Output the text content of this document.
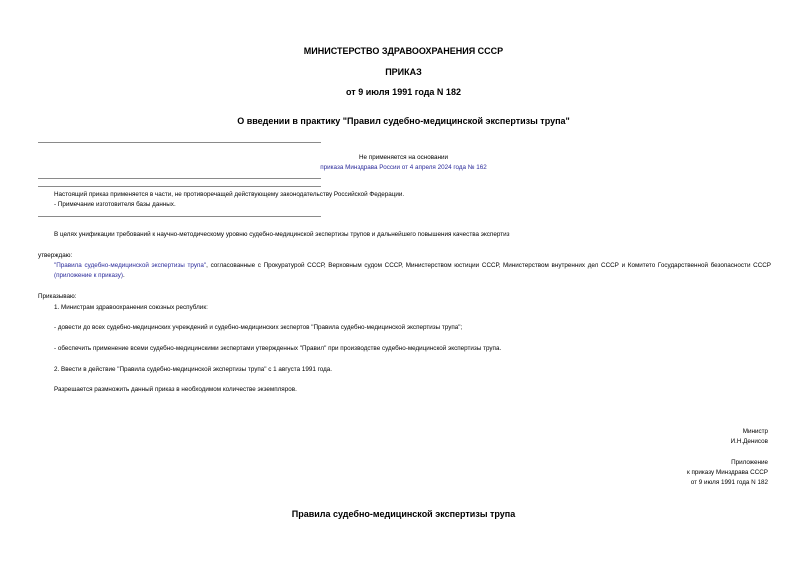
МИНИСТЕРСТВО ЗДРАВООХРАНЕНИЯ СССР
ПРИКАЗ
от 9 июля 1991 года N 182
О введении в практику "Правил судебно-медицинской экспертизы трупа"
Не применяется на основании
приказа Минздрава России от 4 апреля 2024 года № 162
Настоящий приказ применяется в части, не противоречащей действующему законодательству Российской Федерации.
- Примечание изготовителя базы данных.
В целях унификации требований к научно-методическому уровню судебно-медицинской экспертизы трупов и дальнейшего повышения качества экспертиз
утверждаю:
"Правила судебно-медицинской экспертизы трупа", согласованные с Прокуратурой СССР, Верховным судом СССР, Министерством юстиции СССР, Министерством внутренних дел СССР и Комитето Государственной безопасности СССР (приложение к приказу).
Приказываю:
1. Министрам здравоохранения союзных республик:
- довести до всех судебно-медицинских учреждений и судебно-медицинских экспертов "Правила судебно-медицинской экспертизы трупа";
- обеспечить применение всеми судебно-медицинскими экспертами утвержденных "Правил" при производстве судебно-медицинской экспертизы трупа.
2. Ввести в действие "Правила судебно-медицинской экспертизы трупа" с 1 августа 1991 года.
Разрешается размножить данный приказ в необходимом количестве экземпляров.
Министр
И.Н.Денисов
Приложение
к приказу Минздрава СССР
от 9 июля 1991 года N 182
Правила судебно-медицинской экспертизы трупа
